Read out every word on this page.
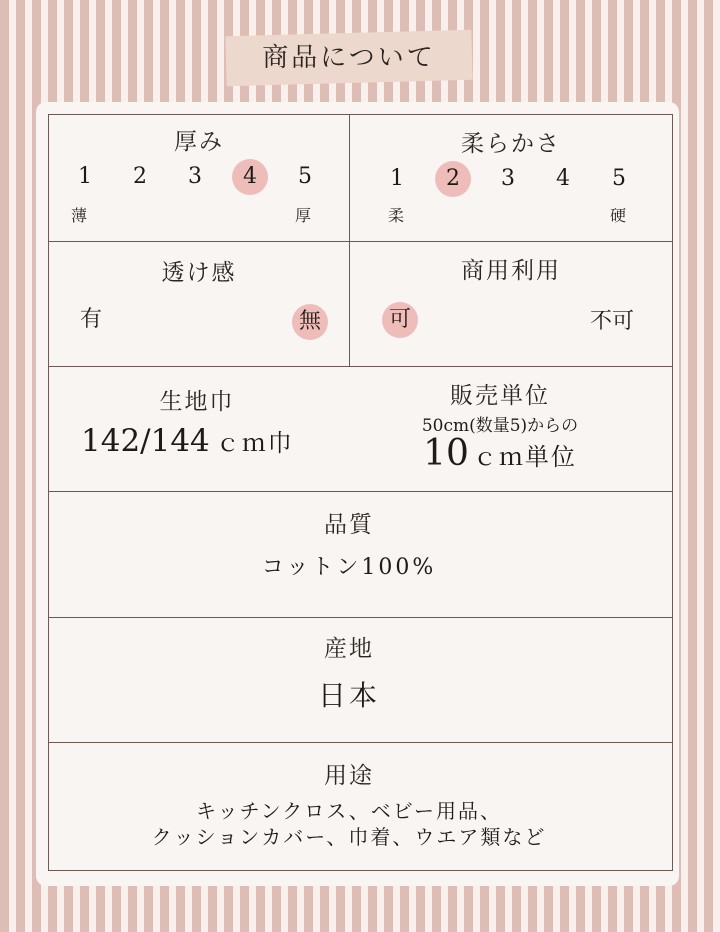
商品について
厚み
1	2	3	4	5
薄	厚
柔らかさ
1	2	3	4	5
柔	硬
透け感
有	無
商用利用
可	不可
生地巾
142/144 ｃｍ巾
販売単位
50cm(数量5)からの
10 ｃｍ単位
品質
コットン100%
産地
日本
用途
キッチンクロス、ベビー用品、
クッションカバー、巾着、ウエア類など
